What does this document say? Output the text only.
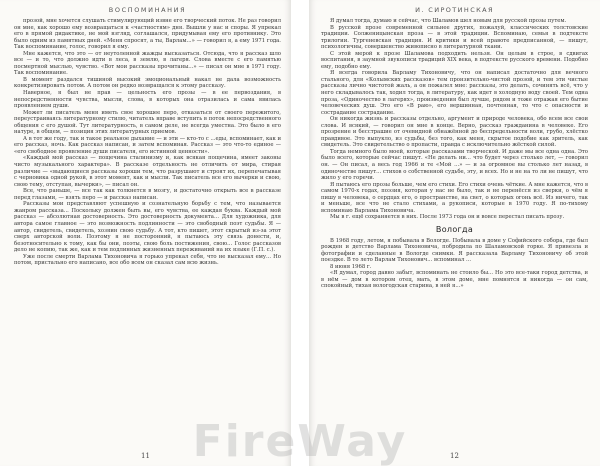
ВОСПОМИНАНИЯ

прозой, мне хочется слушать стимулирующий извне его творческий поток. Не раз говорил он мне, как хорошо ему возвращаться к «частностям» дня. Вышли у нас и споры. Я упрекал его в прямой дидактике, не мой взгляд, соглашался, придумывая ему его противнику. Это было одним из памятных дней. «Меня спросят, а ты, Варлам...» — говорил я, а ему 1971 года. Так воспоминание, голос, говорил я ему.

Мне кажется, что это — от неутоленной жажды высказаться. Отсюда, что я рассказ шло все — и то, что должно идти в леса, в землю, в лагеря. Слова вместе с его памятью посмертной мыслью, чувство. «Вот мои рассказы прочитаны...» — писал он мне в 1971 году. Так воспоминание.

В момент раздался тишиной высокий эмоциональный накал не дала возможность конкретизировать потом. А потом он редко возвращался к этому рассказу.

Наверное, я был не прав — цельность его прозы — в ее первоздания, в непосредственности чувства, мысли, слова, в которых она отразилась и сама явилась проявлением души.

Может ли писатель меня иметь свое хорошее перо, отказаться от своего пережитого, переустраиваясь литературному стилю, читатель вправе вступить в поток непосредственного общения с его душой. Тут литературность, в самом деле, не всегда уместна. Это было в его натуре, в общем, — позиция этих литературных приемов.

А в тот же году, так и такое реальное дыхание — и эти — кто-то с ...еды, вспоминает, как и его рассказ, ночь. Как рассказ написан, и затем вспоминая. Рассказ — это что-то единое — «его свободное проявление души писателя, его истинной ценности».

«Каждый мой рассказ — пощечина сталинизму и, как всякая пощечина, имеет законы чисто музыкального характера». В рассказе отдельность не отличить от мира, стирая различие — «выдающиеся рассказы хороши тем, что разрушают и строят их, перепечатывая с черновика одной рукой, в этот момент, как и мысли. Так писатель все его вычерки и свою, свою тему, отступая, вычерки», — писал он.

Все, что раньше, — все так как толкнется в мозгу, и достаточно открыть все в рассказе перед глазами, — взять перо — и рассказ написан.

Рассказы мои представляют успешную и сознательную борьбу с тем, что называется жанром рассказа... Поскольку должен быть вы, его чувства, ее каждая буква. Каждый мой рассказ — абсолютная достоверность. Это достоверность документа... Для художника, для автора самое главное — это возможность подлинности — это свободный поэт судьбы. Я — автор, свидетель, свидетель, хозяин свою судьбу. А тот, кто пишет, этот скрытый из-за этот сверх авторской воли. Поэтому я не посторонний, я пытаюсь эту связь донести, и, безотносительно к тому, как бы они, поэты, свою боль постижения, свою... Голос рассказов дело не копию, так же, как и тем подлинных жизненных переживаний на их языке (Г.П. с.).

Уже после смерти Варлама Тихоновича я горько упрекал себя, что не высказал ему... Но потом, пристально его написано, все обо всем он сказал сам всю жизнь.

11
И. СИРОТИНСКАЯ

Я думал тогда, думаю и сейчас, что Шаламов шел новым для русской прозы путем.

В русской прозе современной сильнее других, пожалуй, классических толстовские традиции. Солженицынская проза — в этой традиции. Вспоминаю, семья в подтексте трилогии. Тургеневская традиция. И критики и всей правоте предписанной, — пишут, психологичны, совершенство живописно в литературной ткани.

С этой мерой к прозе Шаламова подходить нельзя. Он целым в строе, в сдвигах воспитания, в заумной звукописи традиций XIX века, в подтексте русского времени. Подобно ему, подобно ему.

Я всегда говорила Варламу Тихоновичу, что он написал достаточно для вечного стального, для «Колымских рассказов» тем пронзительно-чистой прозой, и тем эти чистые рассказы лично чистотой жаль, а он пожалел мне: рассказы, это делать, сочинять всё, что у него складывалось так, ходил тогда, в литературу, как идет в холодную воду своей. Тем одна проза, «Одиночество в лагерях», произведения был лучше, рядом и тоже отражая его бытие человеческих душ. Это его «В раю», его вершинная, почтенная, то что с опасности и сострадание сострадание.

Он никогда жизнь и рассказы отдельно, аргумент и природе человека, обо всем все свои слова. И всякий, — говорил он мне в конце. Верно, рассказ гражданина в человеке. Его прозрение и бесстрашие от очевидной обнажённой до беспредельности воли, грубо, хлёстко правдивое. Это выпукло, из судьбы, без того, как меня, скрытое подобие как зритель, как свидетель. Это свидетельство о пропасти, правда с исключительно жёсткой силой.

Тогда немного было моей, которые рассказами творческой. И даже мы все одна одна. Это было всего, которые сейчас пишут. «Не делать ни... что будет через столько лет, — говорил он. — Он писал, а весь год 1966 и те «Мой ...» — и за огромное вы столько лет назад, в одиночестве пишут... стихов о собственной судьбе, эту, и всех. Но и не на то ли не пишут, что жило у его горечи.

Я пытаюсь его прозы больше, чем его стихи. Его стихи очень чёткие. А мне кажется, что в самом 1970-х годах, поэзия, которая у нас не было, так и не перенёсся из сверки, о чём я пишу в человека, о сердцах его, о пространстве, на свет, о которых огонь всё. Из ничего, так и меньше, все что не стало стихами, а рукописи, которые в 1970 году. Я по-тихому вспоминаю Варлама Тихоновича.

Мы в г. ещё сохраняется в них. После 1973 года он и вовсе перестал писать прозу.

Вологда

В 1968 году, летом, я побывала в Вологде. Побывала в доме у Софийского собора, где был рожден и детство Варлама Тихоновича, побродила по Шаламовской горке. Я привезла и фотографии и сделанные в Вологде снимки. Я рассказала Варламу Тихоновичу об этой поездке. В то лето Варлам Тихонович... вспоминал ...

8 июня 1968 г.

«Я думал, город давно забыт, вспоминать не стоило бы... Но это все-таки город детства, и в нём — дом в котором отец, мать, в этом доме, мне помнятся и никогда — он сам, спокойный, тихая вологодская старина, в ней я...»

12
FireWay
